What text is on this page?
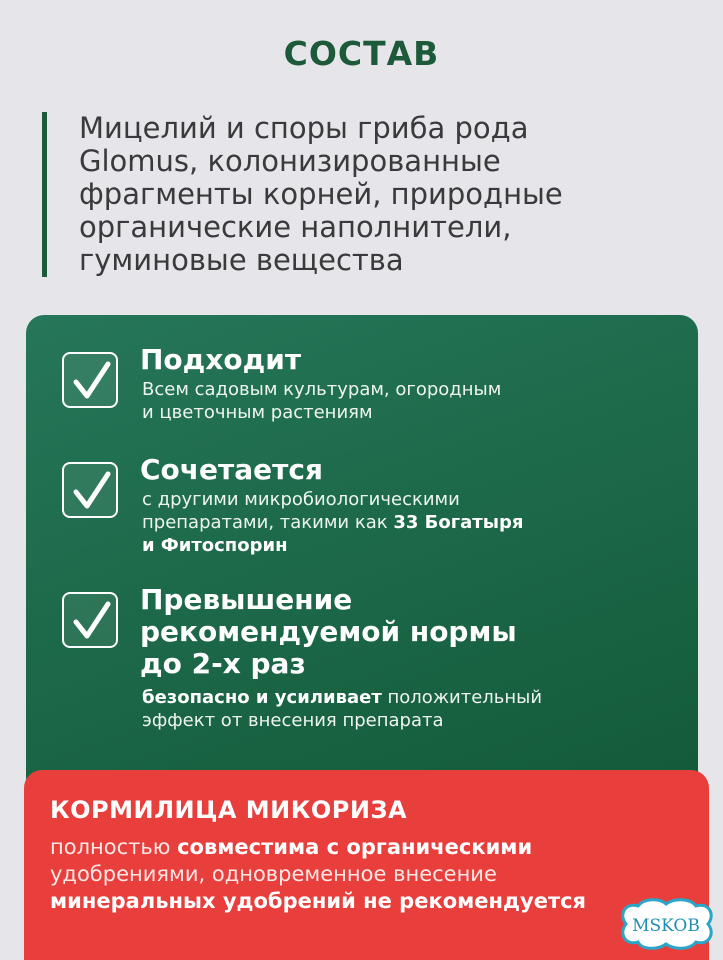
СОСТАВ
Мицелий и споры гриба рода
Glomus, колонизированные
фрагменты корней, природные
органические наполнители,
гуминовые вещества
Подходит
Всем садовым культурам, огородным
и цветочным растениям
Сочетается
с другими микробиологическими
препаратами, такими как 33 Богатыря
и Фитоспорин
Превышение
рекомендуемой нормы
до 2-х раз
безопасно и усиливает положительный
эффект от внесения препарата
КОРМИЛИЦА МИКОРИЗА
полностью совместима с органическими
удобрениями, одновременное внесение
минеральных удобрений не рекомендуется
MSKOB
